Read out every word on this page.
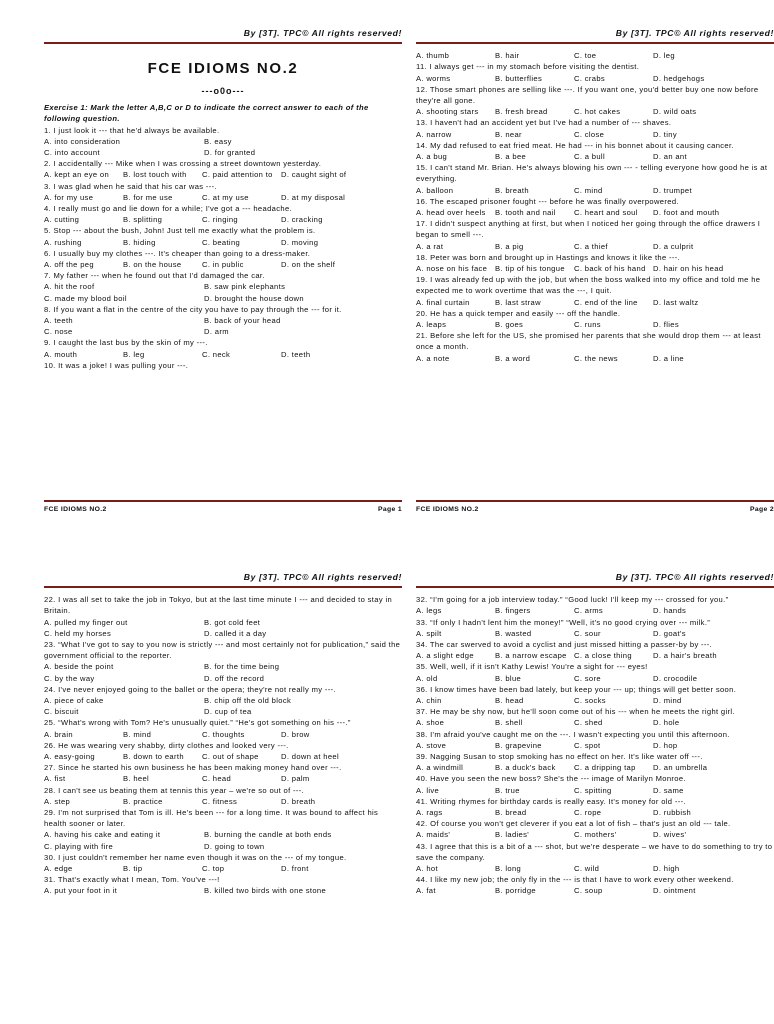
By [3T]. TPC© All rights reserved!
FCE IDIOMS NO.2
---o0o---
Exercise 1: Mark the letter A,B,C or D to indicate the correct answer to each of the following question.
1. I just look it --- that he'd always be available.
A. into consideration	B. easy
C. into account	D. for granted
2. I accidentally --- Mike when I was crossing a street downtown yesterday.
A. kept an eye on	B. lost touch with	C. paid attention to	D. caught sight of
3. I was glad when he said that his car was ---.
A. for my use	B. for me use	C. at my use	D. at my disposal
4. I really must go and lie down for a while; I've got a --- headache.
A. cutting	B. splitting	C. ringing	D. cracking
5. Stop --- about the bush, John! Just tell me exactly what the problem is.
A. rushing	B. hiding	C. beating	D. moving
6. I usually buy my clothes ---. It's cheaper than going to a dress-maker.
A. off the peg	B. on the house	C. in public	D. on the shelf
7. My father --- when he found out that I'd damaged the car.
A. hit the roof	B. saw pink elephants
C. made my blood boil	D. brought the house down
8. If you want a flat in the centre of the city you have to pay through the --- for it.
A. teeth	B. back of your head
C. nose	D. arm
9. I caught the last bus by the skin of my ---.
A. mouth	B. leg	C. neck	D. teeth
10. It was a joke! I was pulling your ---.
FCE IDIOMS NO.2	Page 1
By [3T]. TPC© All rights reserved!
A. thumb	B. hair	C. toe	D. leg
11. I always get --- in my stomach before visiting the dentist.
A. worms	B. butterflies	C. crabs	D. hedgehogs
12. Those smart phones are selling like ---. If you want one, you'd better buy one now before they're all gone.
A. shooting stars	B. fresh bread	C. hot cakes	D. wild oats
13. I haven't had an accident yet but I've had a number of --- shaves.
A. narrow	B. near	C. close	D. tiny
14. My dad refused to eat fried meat. He had --- in his bonnet about it causing cancer.
A. a bug	B. a bee	C. a bull	D. an ant
15. I can't stand Mr. Brian. He's always blowing his own --- - telling everyone how good he is at everything.
A. balloon	B. breath	C. mind	D. trumpet
16. The escaped prisoner fought --- before he was finally overpowered.
A. head over heels	B. tooth and nail	C. heart and soul	D. foot and mouth
17. I didn't suspect anything at first, but when I noticed her going through the office drawers I began to smell ---.
A. a rat	B. a pig	C. a thief	D. a culprit
18. Peter was born and brought up in Hastings and knows it like the ---.
A. nose on his face	B. tip of his tongue	C. back of his hand D. hair on his head
19. I was already fed up with the job, but when the boss walked into my office and told me he expected me to work overtime that was the ---, I quit.
A. final curtain	B. last straw	C. end of the line	D. last waltz
20. He has a quick temper and easily --- off the handle.
A. leaps	B. goes	C. runs	D. flies
21. Before she left for the US, she promised her parents that she would drop them --- at least once a month.
A. a note	B. a word	C. the news	D. a line
FCE IDIOMS NO.2	Page 2
By [3T]. TPC© All rights reserved!
22. I was all set to take the job in Tokyo, but at the last time minute I --- and decided to stay in Britain.
A. pulled my finger out	B. got cold feet
C. held my horses	D. called it a day
23. “What I've got to say to you now is strictly --- and most certainly not for publication,” said the government official to the reporter.
A. beside the point	B. for the time being
C. by the way	D. off the record
24. I've never enjoyed going to the ballet or the opera; they're not really my ---.
A. piece of cake	B. chip off the old block
C. biscuit	D. cup of tea
25. “What's wrong with Tom? He's unusually quiet.” “He's got something on his ---.”
A. brain	B. mind	C. thoughts	D. brow
26. He was wearing very shabby, dirty clothes and looked very ---.
A. easy-going	B. down to earth	C. out of shape	D. down at heel
27. Since he started his own business he has been making money hand over ---.
A. fist	B. heel	C. head	D. palm
28. I can't see us beating them at tennis this year – we're so out of ---.
A. step	B. practice	C. fitness	D. breath
29. I'm not surprised that Tom is ill. He's been --- for a long time. It was bound to affect his health sooner or later.
A. having his cake and eating it	B. burning the candle at both ends
C. playing with fire	D. going to town
30. I just couldn't remember her name even though it was on the --- of my tongue.
A. edge	B. tip	C. top	D. front
31. That's exactly what I mean, Tom. You've ---!
A. put your foot in it	B. killed two birds with one stone
By [3T]. TPC© All rights reserved!
32. “I'm going for a job interview today.” “Good luck! I'll keep my --- crossed for you.”
A. legs	B. fingers	C. arms	D. hands
33. “If only I hadn't lent him the money!” “Well, it's no good crying over --- milk.”
A. spilt	B. wasted	C. sour	D. goat's
34. The car swerved to avoid a cyclist and just missed hitting a passer-by by ---.
A. a slight edge	B. a narrow escape C. a close thing	D. a hair's breath
35. Well, well, if it isn't Kathy Lewis! You're a sight for --- eyes!
A. old	B. blue	C. sore	D. crocodile
36. I know times have been bad lately, but keep your --- up; things will get better soon.
A. chin	B. head	C. socks	D. mind
37. He may be shy now, but he'll soon come out of his --- when he meets the right girl.
A. shoe	B. shell	C. shed	D. hole
38. I'm afraid you've caught me on the ---. I wasn't expecting you until this afternoon.
A. stove	B. grapevine	C. spot	D. hop
39. Nagging Susan to stop smoking has no effect on her. It's like water off ---.
A. a windmill	B. a duck's back	C. a dripping tap	D. an umbrella
40. Have you seen the new boss? She's the --- image of Marilyn Monroe.
A. live	B. true	C. spitting	D. same
41. Writing rhymes for birthday cards is really easy. It's money for old ---.
A. rags	B. bread	C. rope	D. rubbish
42. Of course you won't get cleverer if you eat a lot of fish – that's just an old --- tale.
A. maids'	B. ladies'	C. mothers'	D. wives'
43. I agree that this is a bit of a --- shot, but we're desperate – we have to do something to try to save the company.
A. hot	B. long	C. wild	D. high
44. I like my new job; the only fly in the --- is that I have to work every other weekend.
A. fat	B. porridge	C. soup	D. ointment
